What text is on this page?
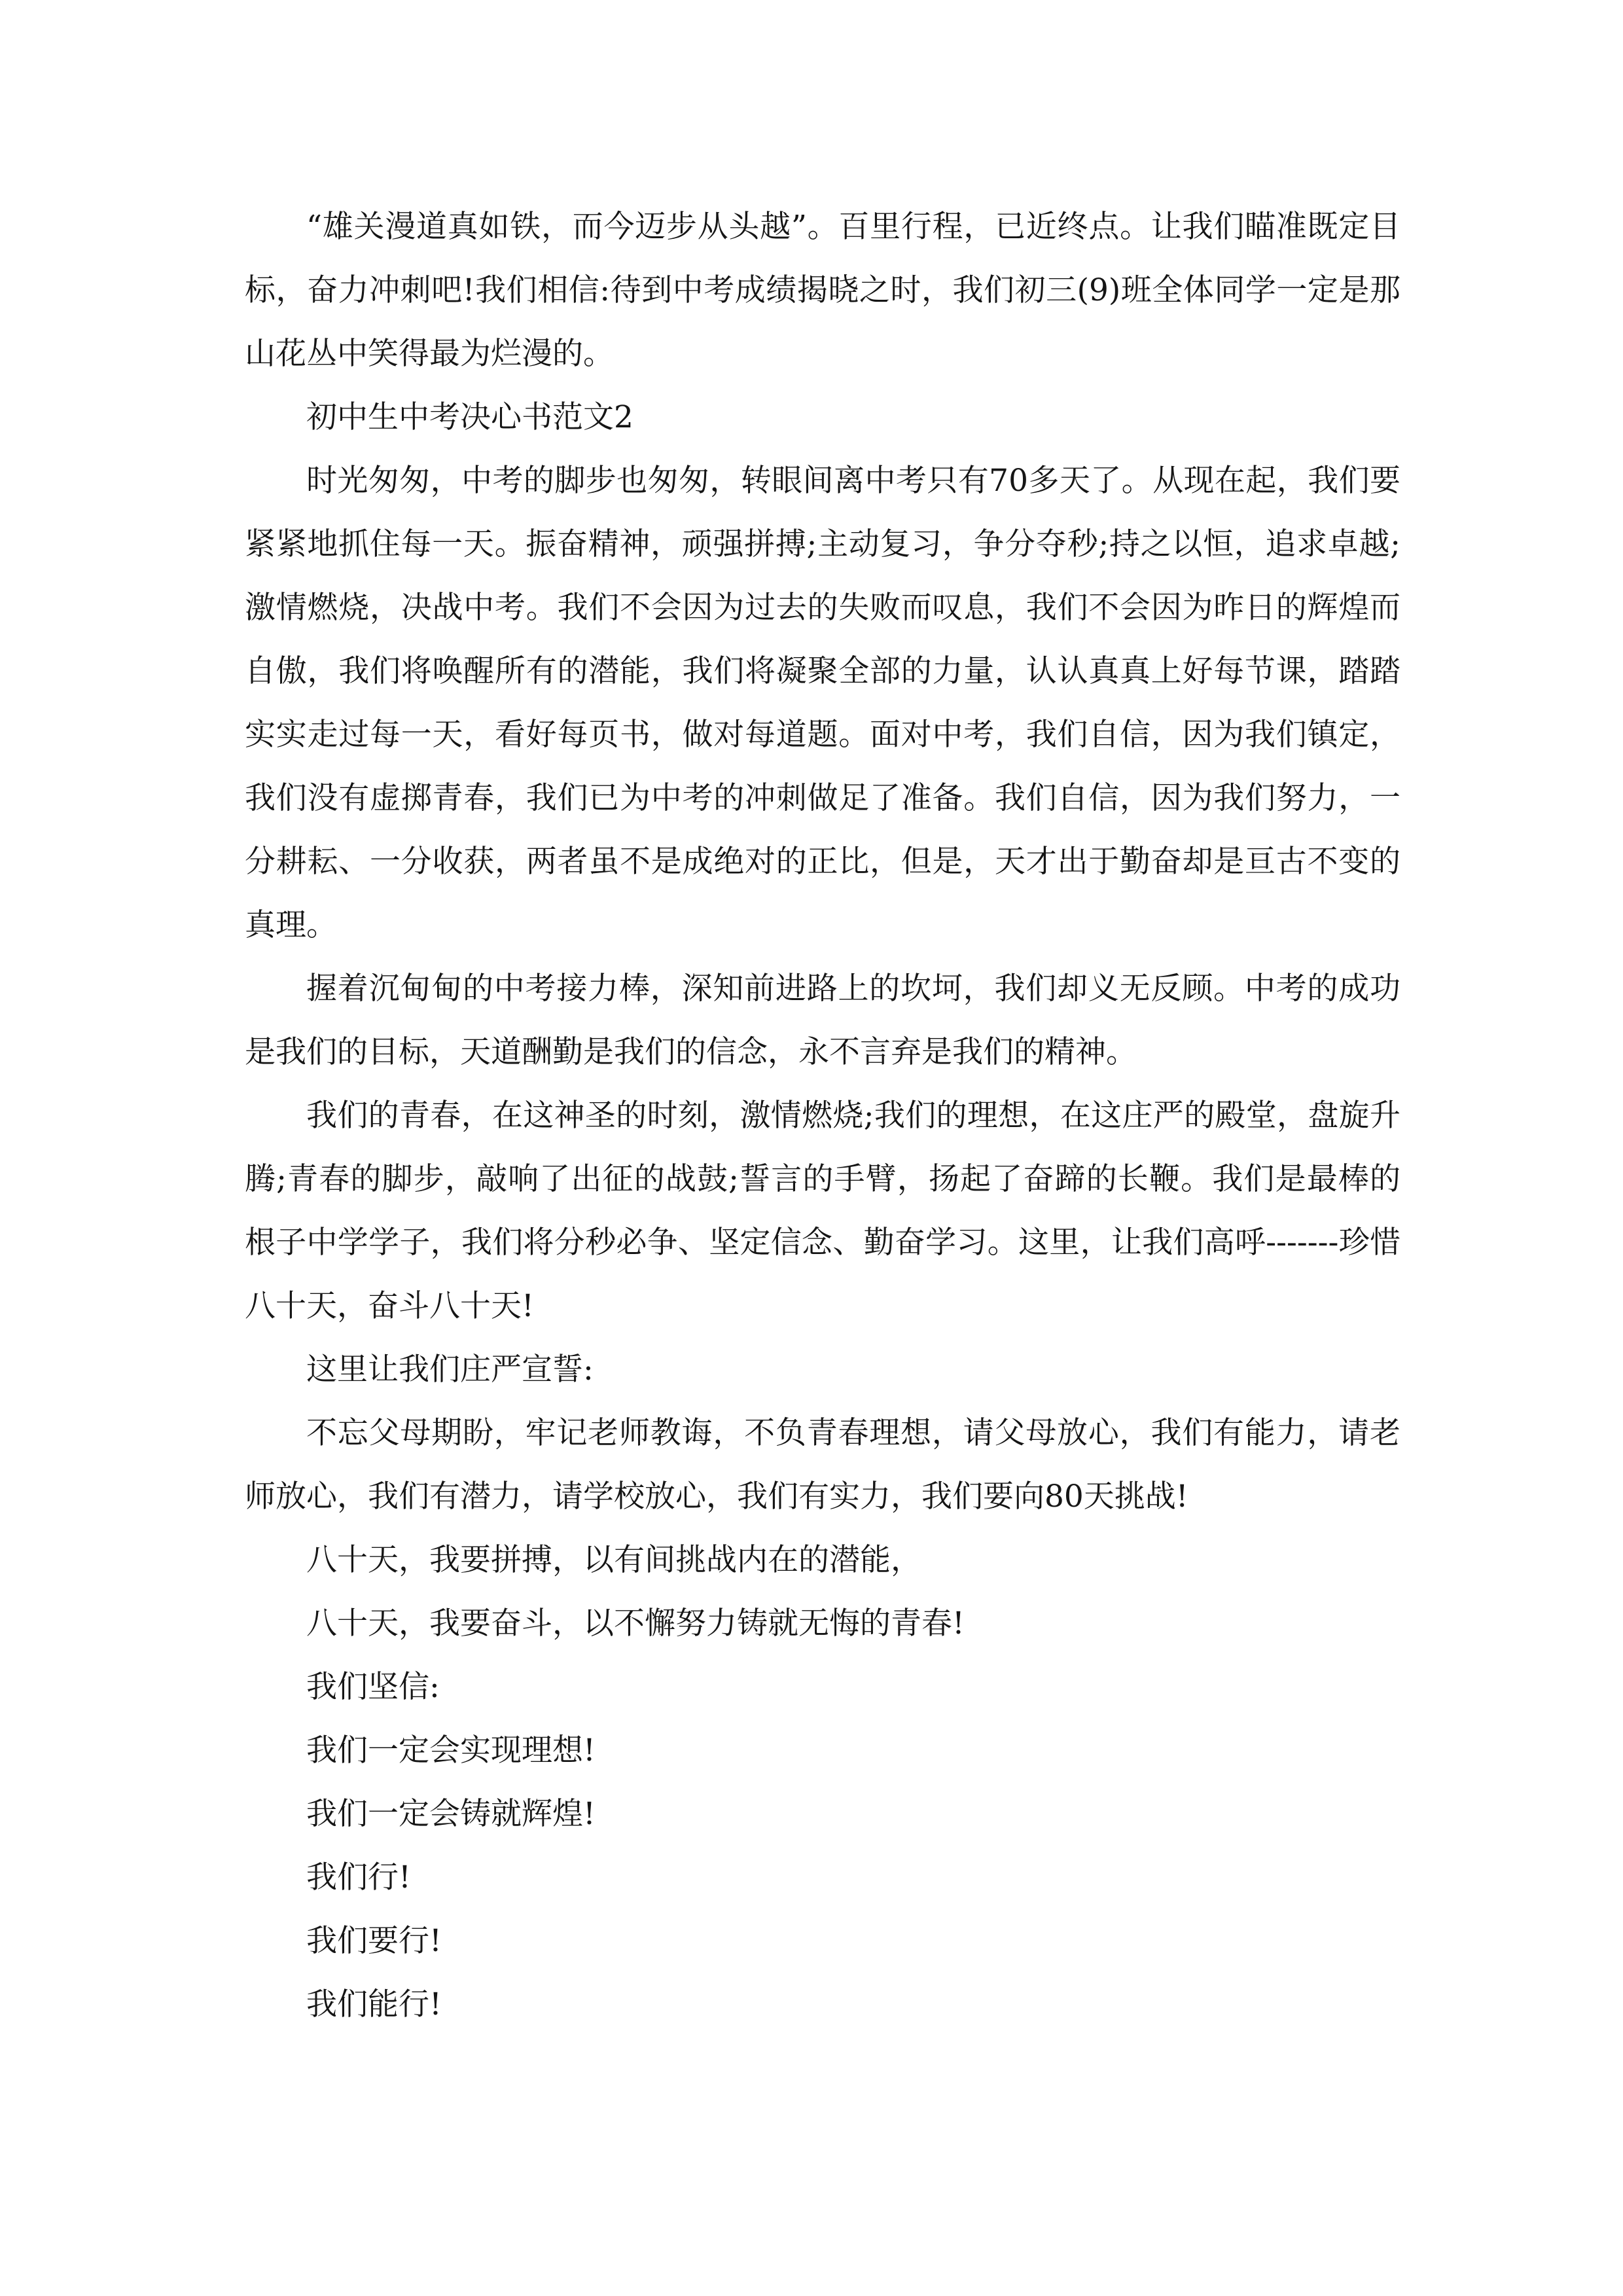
“雄关漫道真如铁，而今迈步从头越”。百里行程，已近终点。让我们瞄准既定目标，奋力冲刺吧!我们相信:待到中考成绩揭晓之时，我们初三(9)班全体同学一定是那山花丛中笑得最为烂漫的。

初中生中考决心书范文2

时光匆匆，中考的脚步也匆匆，转眼间离中考只有70多天了。从现在起，我们要紧紧地抓住每一天。振奋精神，顽强拼搏;主动复习，争分夺秒;持之以恒，追求卓越;激情燃烧，决战中考。我们不会因为过去的失败而叹息，我们不会因为昨日的辉煌而自傲，我们将唤醒所有的潜能，我们将凝聚全部的力量，认认真真上好每节课，踏踏实实走过每一天，看好每页书，做对每道题。面对中考，我们自信，因为我们镇定，我们没有虚掷青春，我们已为中考的冲刺做足了准备。我们自信，因为我们努力，一分耕耘、一分收获，两者虽不是成绝对的正比，但是，天才出于勤奋却是亘古不变的真理。

握着沉甸甸的中考接力棒，深知前进路上的坎坷，我们却义无反顾。中考的成功是我们的目标，天道酬勤是我们的信念，永不言弃是我们的精神。

我们的青春，在这神圣的时刻，激情燃烧;我们的理想，在这庄严的殿堂，盘旋升腾;青春的脚步，敲响了出征的战鼓;誓言的手臂，扬起了奋蹄的长鞭。我们是最棒的根子中学学子，我们将分秒必争、坚定信念、勤奋学习。这里，让我们高呼-------珍惜八十天，奋斗八十天!

这里让我们庄严宣誓:

不忘父母期盼，牢记老师教诲，不负青春理想，请父母放心，我们有能力，请老师放心，我们有潜力，请学校放心，我们有实力，我们要向80天挑战!

八十天，我要拼搏，以有间挑战内在的潜能，

八十天，我要奋斗，以不懈努力铸就无悔的青春!

我们坚信:

我们一定会实现理想!

我们一定会铸就辉煌!

我们行!

我们要行!

我们能行!
